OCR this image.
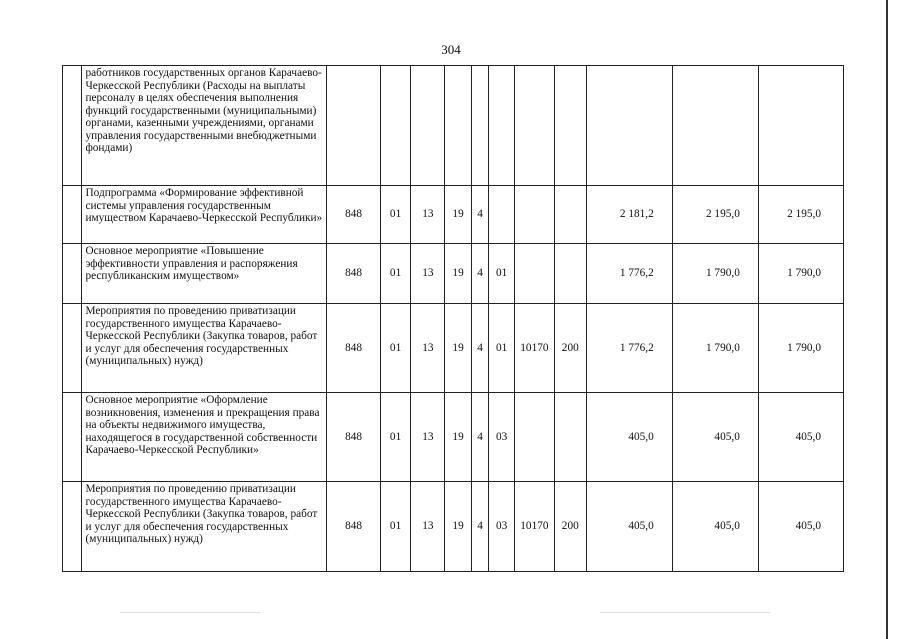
304
	работников государственных органов Карачаево-Черкесской Республики (Расходы на выплаты персоналу в целях обеспечения выполнения функций государственными (муниципальными) органами, казенными учреждениями, органами управления государственными внебюджетными фондами)											
	Подпрограмма «Формирование эффективной системы управления государственным имуществом Карачаево-Черкесской Республики»	848	01	13	19	4				2 181,2	2 195,0	2 195,0
	Основное мероприятие «Повышение эффективности управления и распоряжения республиканским имуществом»	848	01	13	19	4	01			1 776,2	1 790,0	1 790,0
	Мероприятия по проведению приватизации государственного имущества Карачаево-Черкесской Республики (Закупка товаров, работ и услуг для обеспечения государственных (муниципальных) нужд)	848	01	13	19	4	01	10170	200	1 776,2	1 790,0	1 790,0
	Основное мероприятие «Оформление возникновения, изменения и прекращения права на объекты недвижимого имущества, находящегося в государственной собственности Карачаево-Черкесской Республики»	848	01	13	19	4	03			405,0	405,0	405,0
	Мероприятия по проведению приватизации государственного имущества Карачаево-Черкесской Республики (Закупка товаров, работ и услуг для обеспечения государственных (муниципальных) нужд)	848	01	13	19	4	03	10170	200	405,0	405,0	405,0
